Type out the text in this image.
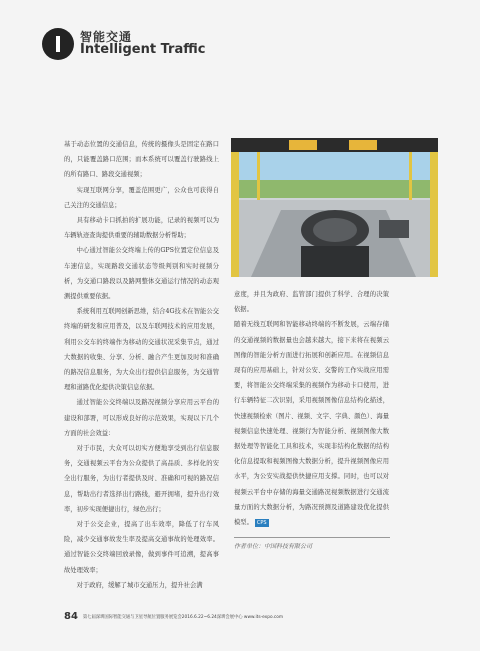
智能交通
Intelligent Traffic

基于动态位置的交通信息，传统的摄像头是固定在路口的，只能覆盖路口范围；而本系统可以覆盖行驶路线上的所有路口、路段交通视频；

实现互联网分享，覆盖范围更广，公众也可获得自己关注的交通信息；

具有移动卡口抓拍的扩展功能，记录的视频可以为车辆轨迹查询提供重要的辅助数据分析帮助；

中心通过智能公交终端上传的GPS位置定位信息及车速信息，实现路段交通状态等级判别和实时视频分析，为交通口路段以及路网整体交通运行情况的动态观测提供重要依据。

系统利用互联网创新思维，结合4G技术在智能公交终端的研发和应用普及，以及车联网技术的应用发展，利用公交车的终端作为移动的交通状况采集节点，通过大数据的收集、分享、分析、融合产生更加及时和准确的路况信息服务，为大众出行提供信息服务，为交通管理和道路优化提供决策信息依据。

通过智能公交终端以及路况视频分享应用云平台的建设和部署，可以形成良好的示范效果，实现以下几个方面的社会效益：

对于市民，大众可以切实方便地享受到出行信息服务，交通视频云平台为公众提供了高品质、多样化的安全出行服务，为出行者提供及时、准确和可视的路况信息，帮助出行者选择出行路线，避开拥堵，提升出行效率，初步实现便捷出行，绿色出行；

对于公交企业，提高了出车效率，降低了行车风险，减少交通事故发生率及提高交通事故的处理效率。通过智能公交终端回放录像，做到事件可追溯，提高事故处理效率；

对于政府，缓解了城市交通压力，提升社会满

意度，并且为政府、监管部门提供了科学、合理的决策依据。

随着无线互联网和智能移动终端的不断发展，云端存储的交通视频的数据量也会越来越大，接下来将在视频云图像的智能分析方面进行拓展和创新应用。在视频信息现有的应用基础上，针对公安、交警的工作实战应用需要，将智能公交终端采集的视频作为移动卡口使用，进行车辆特征二次识别，采用视频图像信息结构化描述，快速视频检索（图片、视频、文字、字典、颜色）、海量视频信息快速处理、视频行为智能分析、视频图像大数据处理等智能化工具和技术，实现非结构化数据的结构化信息提取和视频图像大数据分析，提升视频图像应用水平，为公安实战提供快捷应用支撑。同时，也可以对视频云平台中存储的海量交通路况视频数据进行交通流量方面的大数据分析，为路况预测及道路建设优化提供模型。 CPS
作者单位：中国科技有限公司
84 第七届深圳国际智能交通与卫星导航位置服务展览会2016.6.22~6.24深圳会展中心 www.its-expo.com
